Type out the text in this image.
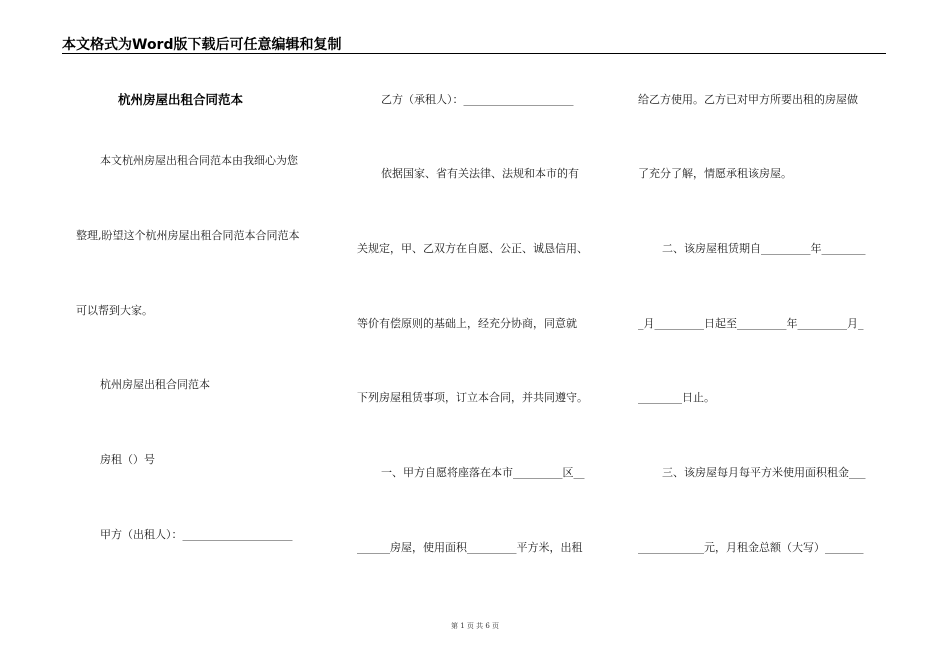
本文格式为Word版下载后可任意编辑和复制
杭州房屋出租合同范本
本文杭州房屋出租合同范本由我细心为您
整理,盼望这个杭州房屋出租合同范本合同范本
可以帮到大家。
杭州房屋出租合同范本
房租（）号
甲方（出租人）：____________________
乙方（承租人）：____________________
依据国家、省有关法律、法规和本市的有
关规定，甲、乙双方在自愿、公正、诚恳信用、
等价有偿原则的基础上，经充分协商，同意就
下列房屋租赁事项，订立本合同，并共同遵守。
一、甲方自愿将座落在本市_________区__
______房屋，使用面积_________平方米，出租
给乙方使用。乙方已对甲方所要出租的房屋做
了充分了解，情愿承租该房屋。
二、该房屋租赁期自_________年________
_月_________日起至_________年_________月_
________日止。
三、该房屋每月每平方米使用面积租金___
____________元，月租金总额（大写）_______
第 1 页 共 6 页
